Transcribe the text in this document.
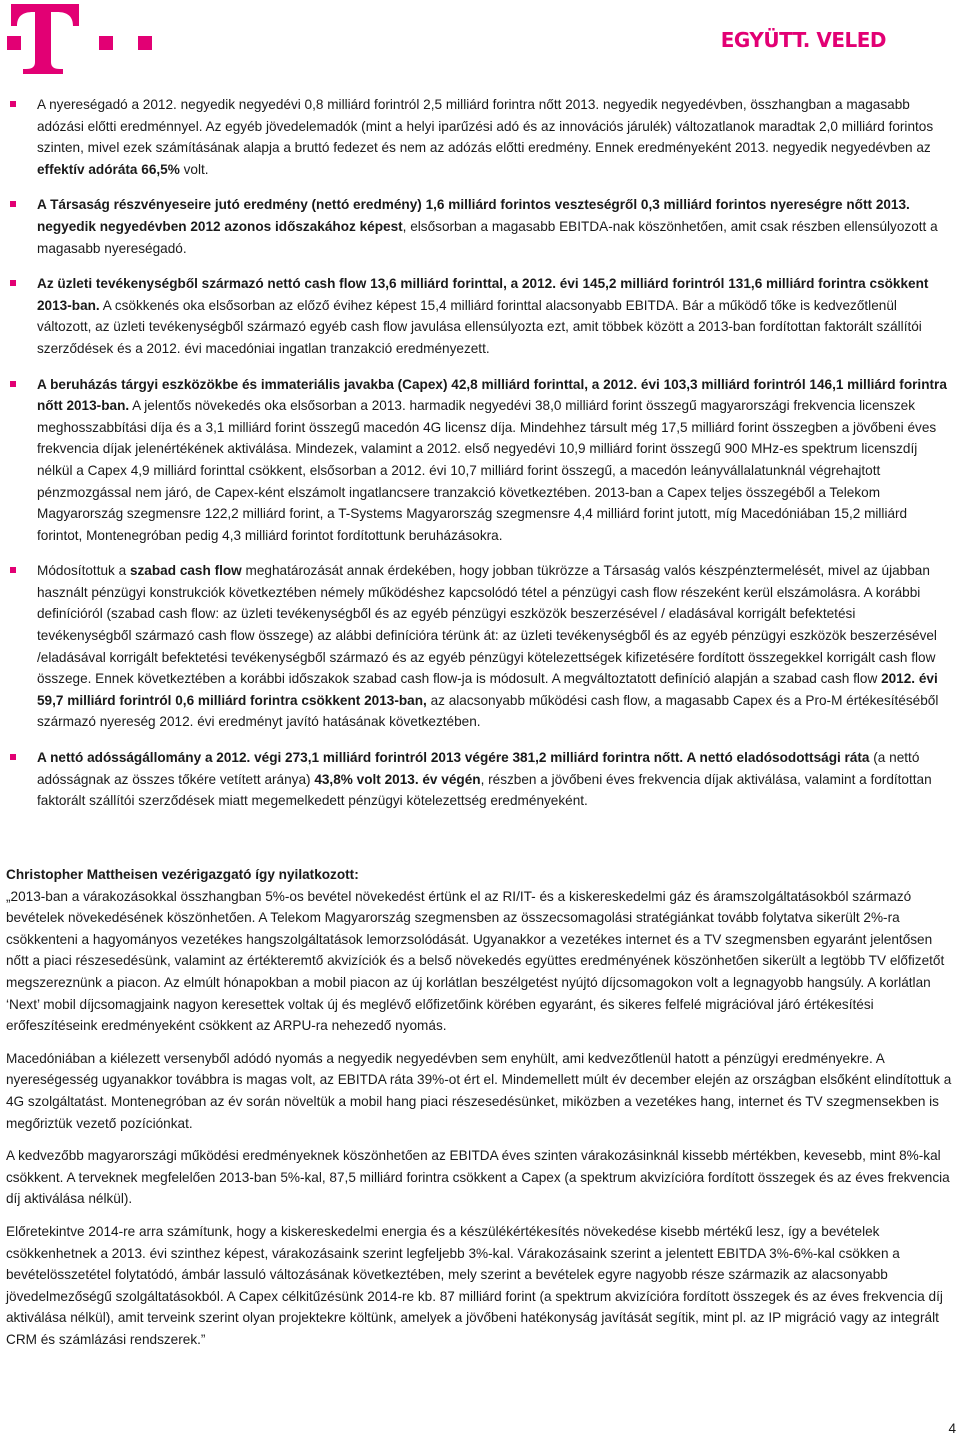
EGYÜTT. VELED
A nyereségadó a 2012. negyedik negyedévi 0,8 milliárd forintról 2,5 milliárd forintra nőtt 2013. negyedik negyedévben, összhangban a magasabb adózási előtti eredménnyel. Az egyéb jövedelemadók (mint a helyi iparűzési adó és az innovációs járulék) változatlanok maradtak 2,0 milliárd forintos szinten, mivel ezek számításának alapja a bruttó fedezet és nem az adózás előtti eredmény. Ennek eredményeként 2013. negyedik negyedévben az effektív adóráta 66,5% volt.
A Társaság részvényeseire jutó eredmény (nettó eredmény) 1,6 milliárd forintos veszteségről 0,3 milliárd forintos nyereségre nőtt 2013. negyedik negyedévben 2012 azonos időszakához képest, elsősorban a magasabb EBITDA-nak köszönhetően, amit csak részben ellensúlyozott a magasabb nyereségadó.
Az üzleti tevékenységből származó nettó cash flow 13,6 milliárd forinttal, a 2012. évi 145,2 milliárd forintról 131,6 milliárd forintra csökkent 2013-ban. A csökkenés oka elsősorban az előző évihez képest 15,4 milliárd forinttal alacsonyabb EBITDA. Bár a működő tőke is kedvezőtlenül változott, az üzleti tevékenységből származó egyéb cash flow javulása ellensúlyozta ezt, amit többek között a 2013-ban fordítottan faktorált szállítói szerződések és a 2012. évi macedóniai ingatlan tranzakció eredményezett.
A beruházás tárgyi eszközökbe és immateriális javakba (Capex) 42,8 milliárd forinttal, a 2012. évi 103,3 milliárd forintról 146,1 milliárd forintra nőtt 2013-ban. A jelentős növekedés oka elsősorban a 2013. harmadik negyedévi 38,0 milliárd forint összegű magyarországi frekvencia licenszek meghosszabbítási díja és a 3,1 milliárd forint összegű macedón 4G licensz díja. Mindehhez társult még 17,5 milliárd forint összegben a jövőbeni éves frekvencia díjak jelenértékének aktiválása. Mindezek, valamint a 2012. első negyedévi 10,9 milliárd forint összegű 900 MHz-es spektrum licenszdíj nélkül a Capex 4,9 milliárd forinttal csökkent, elsősorban a 2012. évi 10,7 milliárd forint összegű, a macedón leányvállalatunknál végrehajtott pénzmozgással nem járó, de Capex-ként elszámolt ingatlancsere tranzakció következtében. 2013-ban a Capex teljes összegéből a Telekom Magyarország szegmensre 122,2 milliárd forint, a T-Systems Magyarország szegmensre 4,4 milliárd forint jutott, míg Macedóniában 15,2 milliárd forintot, Montenegróban pedig 4,3 milliárd forintot fordítottunk beruházásokra.
Módosítottuk a szabad cash flow meghatározását annak érdekében, hogy jobban tükrözze a Társaság valós készpénztermelését, mivel az újabban használt pénzügyi konstrukciók következtében némely működéshez kapcsolódó tétel a pénzügyi cash flow részeként kerül elszámolásra. A korábbi definícióról (szabad cash flow: az üzleti tevékenységből és az egyéb pénzügyi eszközök beszerzésével / eladásával korrigált befektetési tevékenységből származó cash flow összege) az alábbi definícióra térünk át: az üzleti tevékenységből és az egyéb pénzügyi eszközök beszerzésével /eladásával korrigált befektetési tevékenységből származó és az egyéb pénzügyi kötelezettségek kifizetésére fordított összegekkel korrigált cash flow összege. Ennek következtében a korábbi időszakok szabad cash flow-ja is módosult. A megváltoztatott definíció alapján a szabad cash flow 2012. évi 59,7 milliárd forintról 0,6 milliárd forintra csökkent 2013-ban, az alacsonyabb működési cash flow, a magasabb Capex és a Pro-M értékesítéséből származó nyereség 2012. évi eredményt javító hatásának következtében.
A nettó adósságállomány a 2012. végi 273,1 milliárd forintról 2013 végére 381,2 milliárd forintra nőtt. A nettó eladósodottsági ráta (a nettó adósságnak az összes tőkére vetített aránya) 43,8% volt 2013. év végén, részben a jövőbeni éves frekvencia díjak aktiválása, valamint a fordítottan faktorált szállítói szerződések miatt megemelkedett pénzügyi kötelezettség eredményeként.

Christopher Mattheisen vezérigazgató így nyilatkozott:

„2013-ban a várakozásokkal összhangban 5%-os bevétel növekedést értünk el az RI/IT- és a kiskereskedelmi gáz és áramszolgáltatásokból származó bevételek növekedésének köszönhetően. A Telekom Magyarország szegmensben az összecsomagolási stratégiánkat tovább folytatva sikerült 2%-ra csökkenteni a hagyományos vezetékes hangszolgáltatások lemorzsolódását. Ugyanakkor a vezetékes internet és a TV szegmensben egyaránt jelentősen nőtt a piaci részesedésünk, valamint az értékteremtő akvizíciók és a belső növekedés együttes eredményének köszönhetően sikerült a legtöbb TV előfizetőt megszereznünk a piacon. Az elmúlt hónapokban a mobil piacon az új korlátlan beszélgetést nyújtó díjcsomagokon volt a legnagyobb hangsúly. A korlátlan ‘Next’ mobil díjcsomagjaink nagyon keresettek voltak új és meglévő előfizetőink körében egyaránt, és sikeres felfelé migrációval járó értékesítési erőfeszítéseink eredményeként csökkent az ARPU-ra nehezedő nyomás.

Macedóniában a kiélezett versenyből adódó nyomás a negyedik negyedévben sem enyhült, ami kedvezőtlenül hatott a pénzügyi eredményekre. A nyereségesség ugyanakkor továbbra is magas volt, az EBITDA ráta 39%-ot ért el. Mindemellett múlt év december elején az országban elsőként elindítottuk a 4G szolgáltatást. Montenegróban az év során növeltük a mobil hang piaci részesedésünket, miközben a vezetékes hang, internet és TV szegmensekben is megőriztük vezető pozíciónkat.

A kedvezőbb magyarországi működési eredményeknek köszönhetően az EBITDA éves szinten várakozásinknál kissebb mértékben, kevesebb, mint 8%-kal csökkent. A terveknek megfelelően 2013-ban 5%-kal, 87,5 milliárd forintra csökkent a Capex (a spektrum akvizícióra fordított összegek és az éves frekvencia díj aktiválása nélkül).

Előretekintve 2014-re arra számítunk, hogy a kiskereskedelmi energia és a készülékértékesítés növekedése kisebb mértékű lesz, így a bevételek csökkenhetnek a 2013. évi szinthez képest, várakozásaink szerint legfeljebb 3%-kal. Várakozásaink szerint a jelentett EBITDA 3%-6%-kal csökken a bevételösszetétel folytatódó, ámbár lassuló változásának következtében, mely szerint a bevételek egyre nagyobb része származik az alacsonyabb jövedelmezőségű szolgáltatásokból. A Capex célkitűzésünk 2014-re kb. 87 milliárd forint (a spektrum akvizícióra fordított összegek és az éves frekvencia díj aktiválása nélkül), amit terveink szerint olyan projektekre költünk, amelyek a jövőbeni hatékonyság javítását segítik, mint pl. az IP migráció vagy az integrált CRM és számlázási rendszerek.”

4
